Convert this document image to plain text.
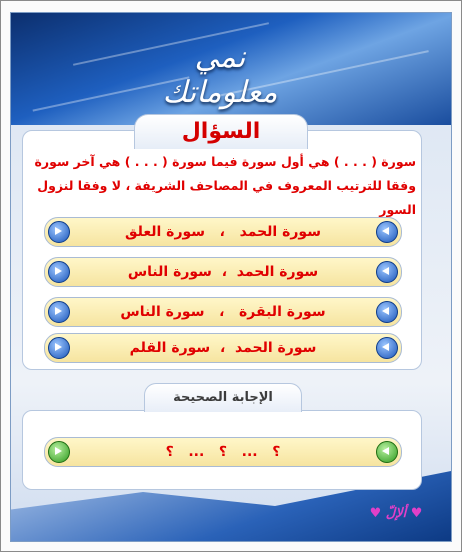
نمي معلوماتك
السؤال
سورة ( . . . ) هي أول سورة فيما سورة ( . . . ) هي آخر سورة
وفقا للترتيب المعروف في المصاحف الشريفة ، لا وفقا لنزول السور
سورة الحمد   ،   سورة العلق
سورة الحمد  ،  سورة الناس
سورة البقرة   ،   سورة الناس
سورة الحمد  ،  سورة القلم
الإجابة الصحيحة
؟   ...   ؟   ...   ؟
♥ ألإلّ ♥
